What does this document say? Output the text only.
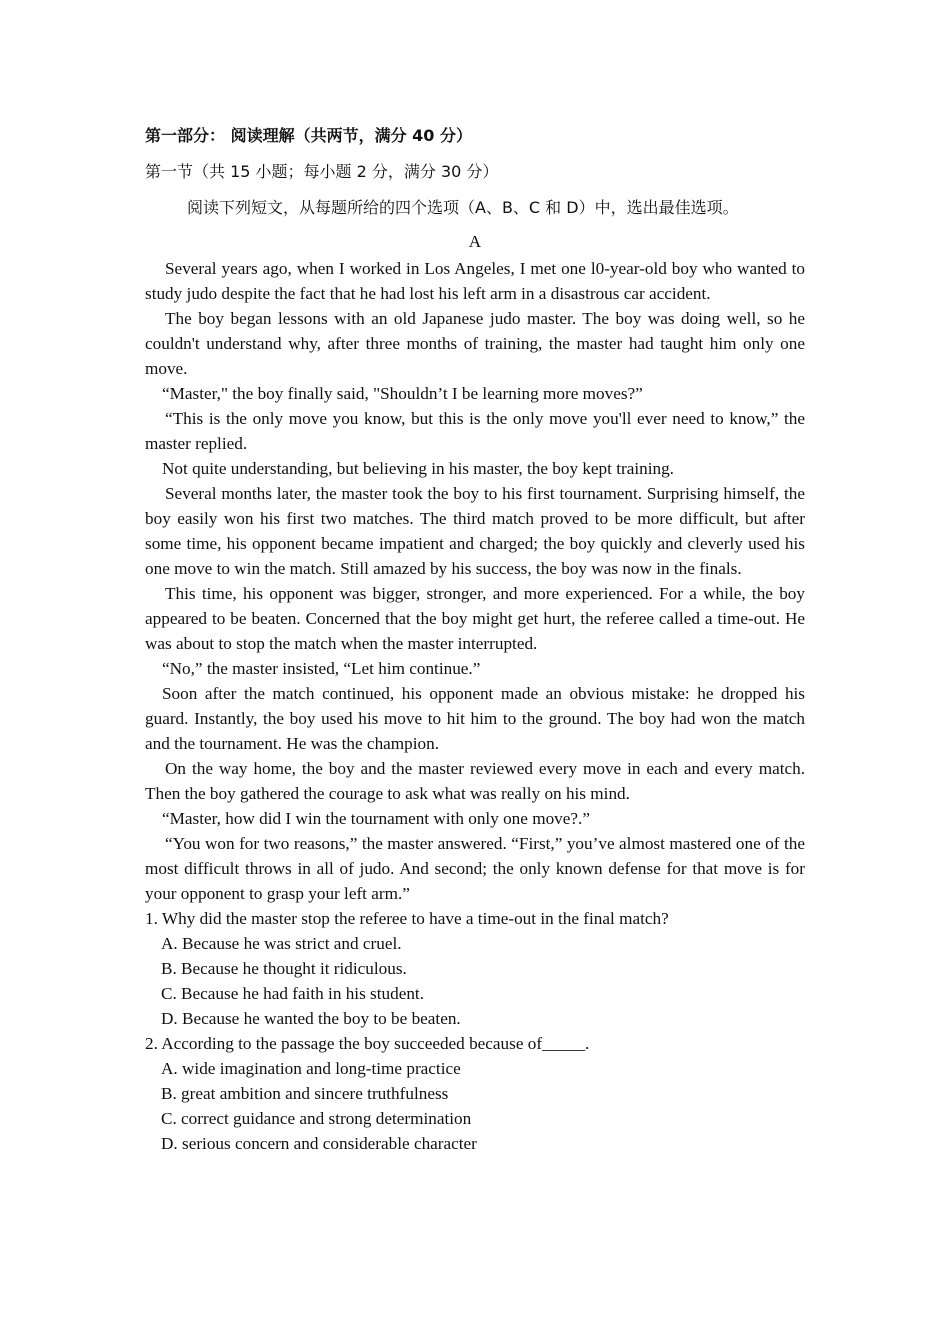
第一部分： 阅读理解（共两节，满分 40 分）
第一节（共 15 小题；每小题 2 分，满分 30 分）
阅读下列短文，从每题所给的四个选项（A、B、C 和 D）中，选出最佳选项。
A

Several years ago, when I worked in Los Angeles, I met one l0-year-old boy who wanted to study judo despite the fact that he had lost his left arm in a disastrous car accident.

The boy began lessons with an old Japanese judo master. The boy was doing well, so he couldn't understand why, after three months of training, the master had taught him only one move.

“Master," the boy finally said, "Shouldn’t I be learning more moves?”

“This is the only move you know, but this is the only move you'll ever need to know,” the master replied.

Not quite understanding, but believing in his master, the boy kept training.

Several months later, the master took the boy to his first tournament. Surprising himself, the boy easily won his first two matches. The third match proved to be more difficult, but after some time, his opponent became impatient and charged; the boy quickly and cleverly used his one move to win the match. Still amazed by his success, the boy was now in the finals.

This time, his opponent was bigger, stronger, and more experienced. For a while, the boy appeared to be beaten. Concerned that the boy might get hurt, the referee called a time-out. He was about to stop the match when the master interrupted.

“No,” the master insisted, “Let him continue.”

Soon after the match continued, his opponent made an obvious mistake: he dropped his guard. Instantly, the boy used his move to hit him to the ground. The boy had won the match and the tournament. He was the champion.

On the way home, the boy and the master reviewed every move in each and every match. Then the boy gathered the courage to ask what was really on his mind.

“Master, how did I win the tournament with only one move?.”

“You won for two reasons,” the master answered. “First,” you’ve almost mastered one of the most difficult throws in all of judo. And second; the only known defense for that move is for your opponent to grasp your left arm.”

1. Why did the master stop the referee to have a time-out in the final match?

A. Because he was strict and cruel.

B. Because he thought it ridiculous.

C. Because he had faith in his student.

D. Because he wanted the boy to be beaten.

2. According to the passage the boy succeeded because of_____.

A. wide imagination and long-time practice

B. great ambition and sincere truthfulness

C. correct guidance and strong determination

D. serious concern and considerable character
